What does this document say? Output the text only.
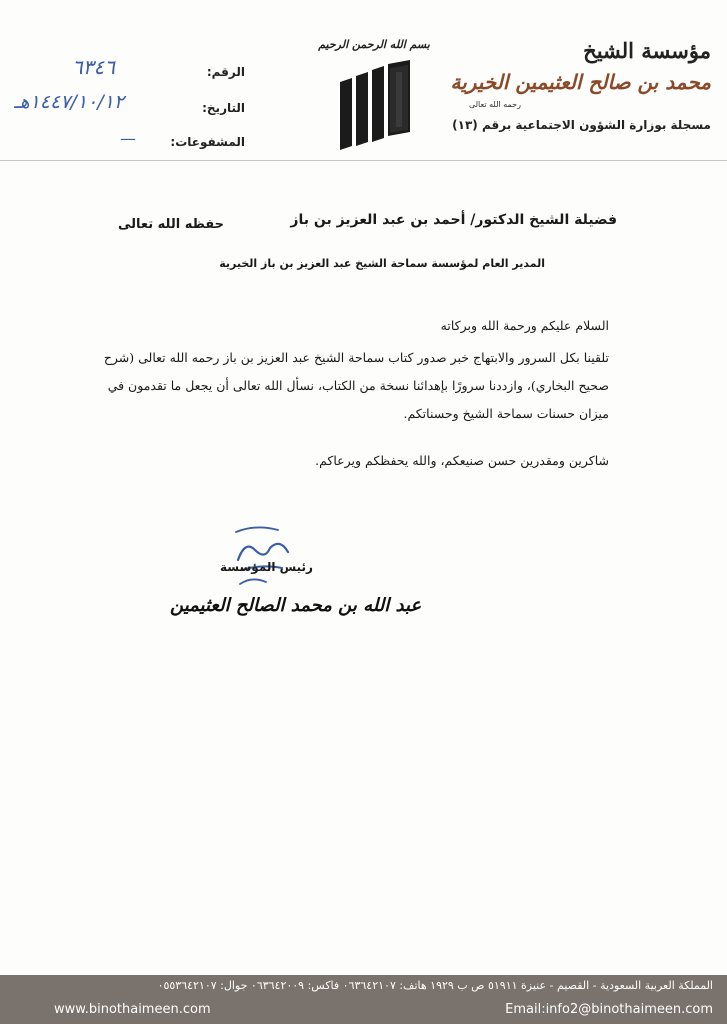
مؤسسة الشيخ
محمد بن صالح العثيمين الخيرية
رحمه الله تعالى
مسجلة بوزارة الشؤون الاجتماعية برقم (١٣)
بسم الله الرحمن الرحيم
الرقم:
٦٣٤٦
التاريخ:
١٤٤٧/١٠/١٢هـ
المشفوعات:
—
فضيلة الشيخ الدكتور/ أحمد بن عبد العزيز بن باز
حفظه الله تعالى
المدير العام لمؤسسة سماحة الشيخ عبد العزيز بن باز الخيرية
السلام عليكم ورحمة الله وبركاته
تلقينا بكل السرور والابتهاج خبر صدور كتاب سماحة الشيخ عبد العزيز بن باز رحمه الله تعالى (شرح صحيح البخاري)، وازددنا سرورًا بإهدائنا نسخة من الكتاب، نسأل الله تعالى أن يجعل ما تقدمون في ميزان حسنات سماحة الشيخ وحسناتكم.
شاكرين ومقدرين حسن صنيعكم، والله يحفظكم ويرعاكم.
رئيس المؤسسة
عبد الله بن محمد الصالح العثيمين
المملكة العربية السعودية - القصيم - عنيزة ٥١٩١١ ص ب ١٩٢٩ هاتف: ٠٦٣٦٤٢١٠٧ فاكس: ٠٦٣٦٤٢٠٠٩ جوال: ٠٥٥٣٦٤٢١٠٧
Email:info2@binothaimeen.com
www.binothaimeen.com
